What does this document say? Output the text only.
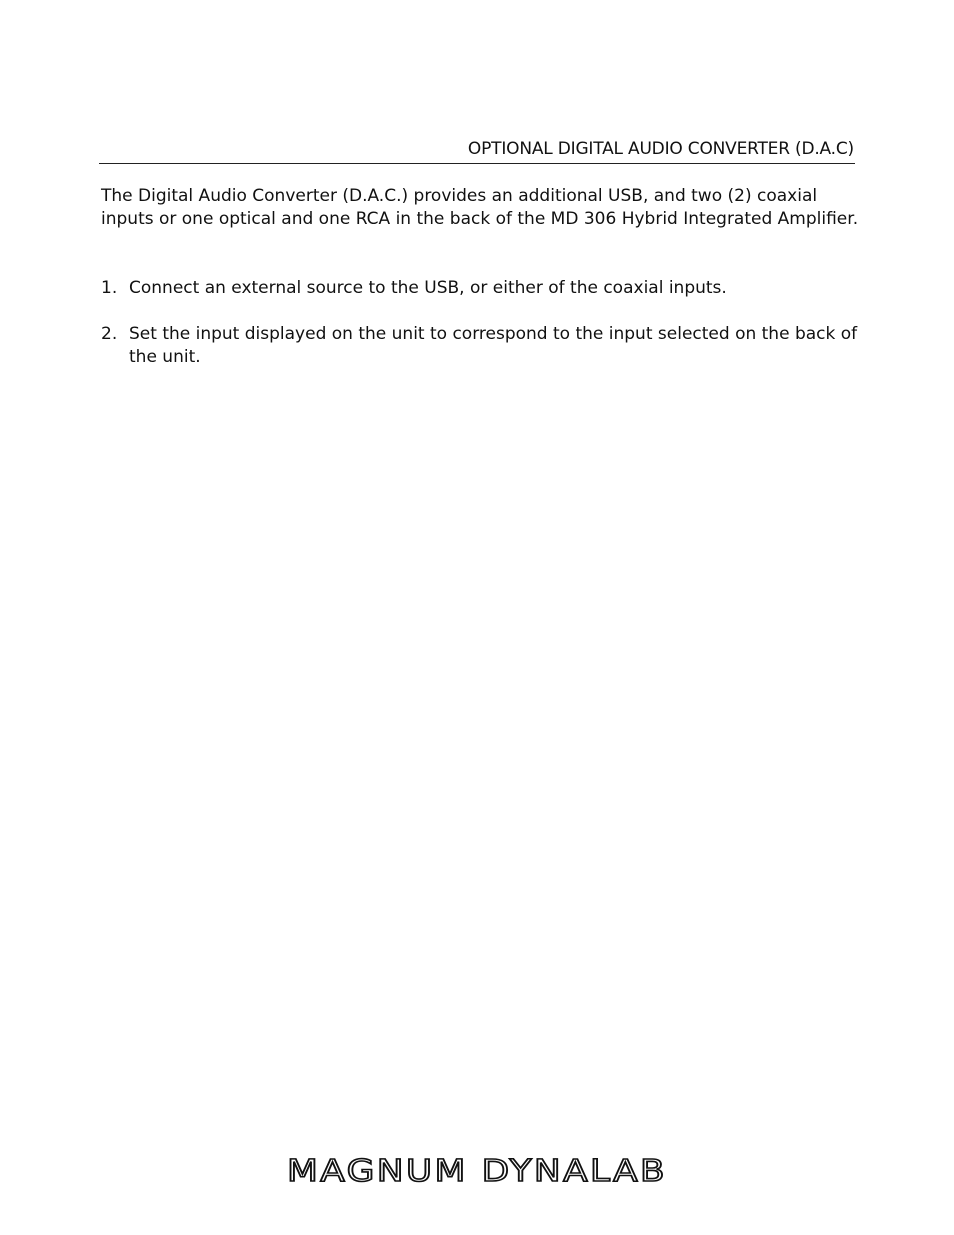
OPTIONAL DIGITAL AUDIO CONVERTER (D.A.C)

The Digital Audio Converter (D.A.C.) provides an additional USB, and two (2) coaxial inputs or one optical and one RCA in the back of the MD 306 Hybrid Integrated Amplifier.

1. Connect an external source to the USB, or either of the coaxial inputs.
2. Set the input displayed on the unit to correspond to the input selected on the back of the unit.
MAGNUM DYNALAB
